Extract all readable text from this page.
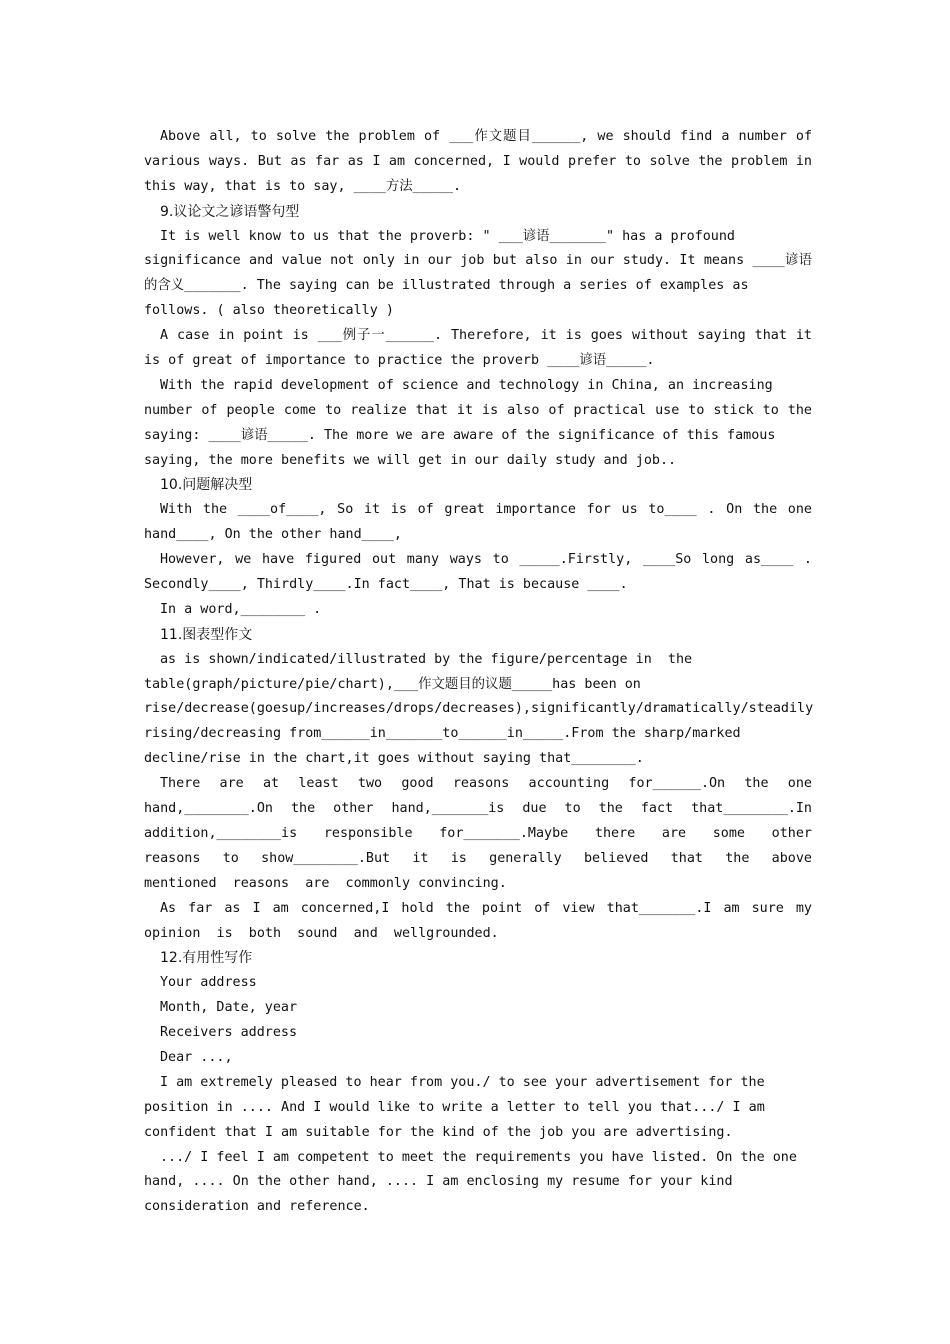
Above all, to solve the problem of ___作文题目______, we should find a number of
various ways. But as far as I am concerned, I would prefer to solve the problem in
this way, that is to say, ____方法_____.
9.议论文之谚语警句型
It is well know to us that the proverb: " ___谚语_______" has a profound
significance and value not only in our job but also in our study. It means ____谚语
的含义_______. The saying can be illustrated through a series of examples as
follows. ( also theoretically )
A case in point is ___例子一______. Therefore, it is goes without saying that it
is of great of importance to practice the proverb ____谚语_____.
With the rapid development of science and technology in China, an increasing
number of people come to realize that it is also of practical use to stick to the
saying: ____谚语_____. The more we are aware of the significance of this famous
saying, the more benefits we will get in our daily study and job..
10.问题解决型
With the ____of____, So it is of great importance for us to____ . On the one
hand____, On the other hand____,
However, we have figured out many ways to _____.Firstly, ____So long as____ .
Secondly____, Thirdly____.In fact____, That is because ____.
In a word,________ .
11.图表型作文
as is shown/indicated/illustrated by the figure/percentage in  the
table(graph/picture/pie/chart),___作文题目的议题_____has been on
rise/decrease(goesup/increases/drops/decreases),significantly/dramatically/steadily
rising/decreasing from______in_______to______in_____.From the sharp/marked
decline/rise in the chart,it goes without saying that________.
There are at least two good reasons accounting for______.On the one
hand,________.On the other hand,_______is due to the fact that________.In
addition,________is responsible for_______.Maybe there are some other
reasons to show________.But it is generally believed that the above
mentioned  reasons  are  commonly convincing.
As far as I am concerned,I hold the point of view that_______.I am sure my
opinion  is  both  sound  and  wellgrounded.
12.有用性写作
Your address
Month, Date, year
Receivers address
Dear ...,
I am extremely pleased to hear from you./ to see your advertisement for the
position in .... And I would like to write a letter to tell you that.../ I am
confident that I am suitable for the kind of the job you are advertising.
.../ I feel I am competent to meet the requirements you have listed. On the one
hand, .... On the other hand, .... I am enclosing my resume for your kind
consideration and reference.
